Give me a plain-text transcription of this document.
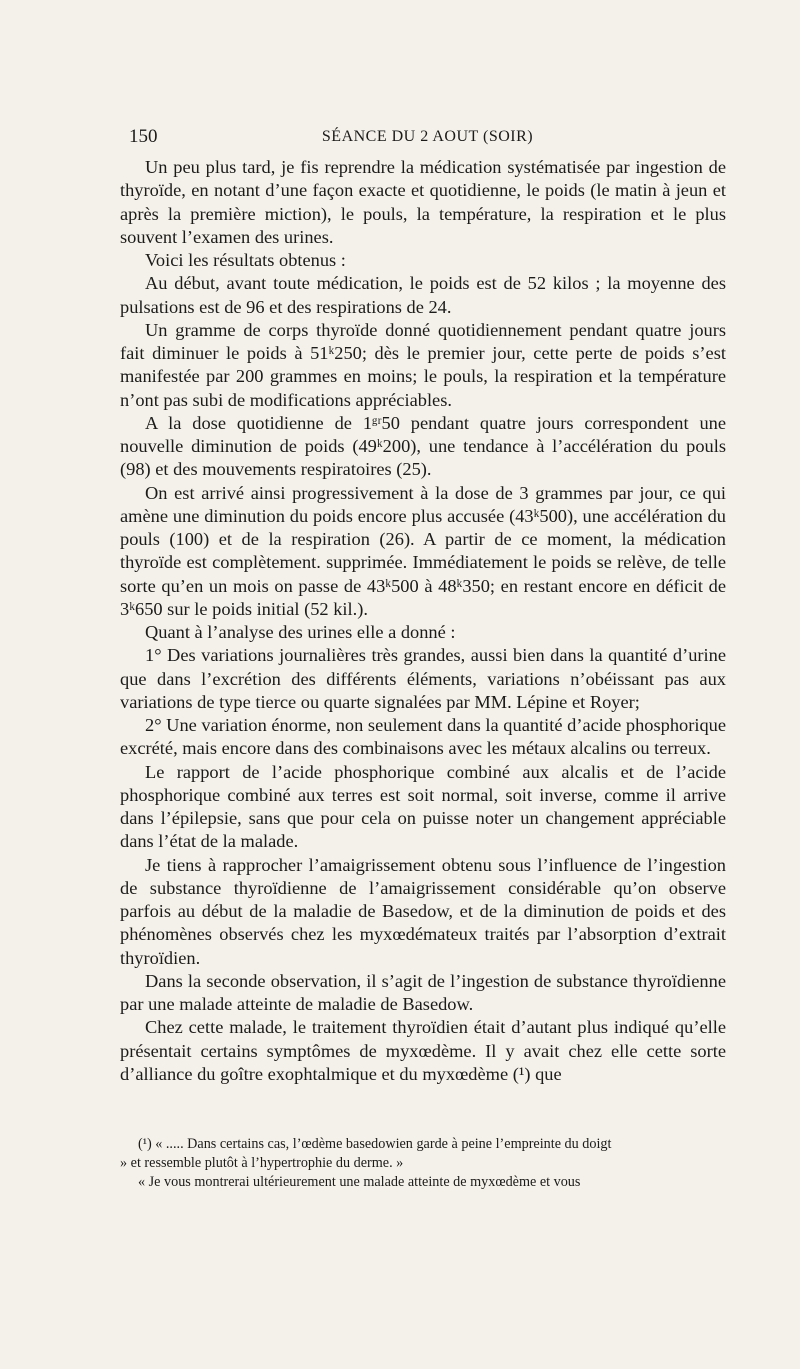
150	SÉANCE DU 2 AOUT (SOIR)

Un peu plus tard, je fis reprendre la médication systématisée par ingestion de thyroïde, en notant d’une façon exacte et quotidienne, le poids (le matin à jeun et après la première miction), le pouls, la température, la respiration et le plus souvent l’examen des urines.

Voici les résultats obtenus :

Au début, avant toute médication, le poids est de 52 kilos ; la moyenne des pulsations est de 96 et des respirations de 24.

Un gramme de corps thyroïde donné quotidiennement pendant quatre jours fait diminuer le poids à 51ᵏ250; dès le premier jour, cette perte de poids s’est manifestée par 200 grammes en moins; le pouls, la respiration et la température n’ont pas subi de modifications appréciables.

A la dose quotidienne de 1ᵍʳ50 pendant quatre jours correspondent une nouvelle diminution de poids (49ᵏ200), une tendance à l’accélération du pouls (98) et des mouvements respiratoires (25).

On est arrivé ainsi progressivement à la dose de 3 grammes par jour, ce qui amène une diminution du poids encore plus accusée (43ᵏ500), une accélération du pouls (100) et de la respiration (26). A partir de ce moment, la médication thyroïde est complètement. supprimée. Immédiatement le poids se relève, de telle sorte qu’en un mois on passe de 43ᵏ500 à 48ᵏ350; en restant encore en déficit de 3ᵏ650 sur le poids initial (52 kil.).

Quant à l’analyse des urines elle a donné :

1° Des variations journalières très grandes, aussi bien dans la quantité d’urine que dans l’excrétion des différents éléments, variations n’obéissant pas aux variations de type tierce ou quarte signalées par MM. Lépine et Royer;

2° Une variation énorme, non seulement dans la quantité d’acide phosphorique excrété, mais encore dans des combinaisons avec les métaux alcalins ou terreux.

Le rapport de l’acide phosphorique combiné aux alcalis et de l’acide phosphorique combiné aux terres est soit normal, soit inverse, comme il arrive dans l’épilepsie, sans que pour cela on puisse noter un changement appréciable dans l’état de la malade.

Je tiens à rapprocher l’amaigrissement obtenu sous l’influence de l’ingestion de substance thyroïdienne de l’amaigrissement considérable qu’on observe parfois au début de la maladie de Basedow, et de la diminution de poids et des phénomènes observés chez les myxœdémateux traités par l’absorption d’extrait thyroïdien.

Dans la seconde observation, il s’agit de l’ingestion de substance thyroïdienne par une malade atteinte de maladie de Basedow.

Chez cette malade, le traitement thyroïdien était d’autant plus indiqué qu’elle présentait certains symptômes de myxœdème. Il y avait chez elle cette sorte d’alliance du goître exophtalmique et du myxœdème (¹) que

(¹) « ..... Dans certains cas, l’œdème basedowien garde à peine l’empreinte du doigt

» et ressemble plutôt à l’hypertrophie du derme. »

« Je vous montrerai ultérieurement une malade atteinte de myxœdème et vous
